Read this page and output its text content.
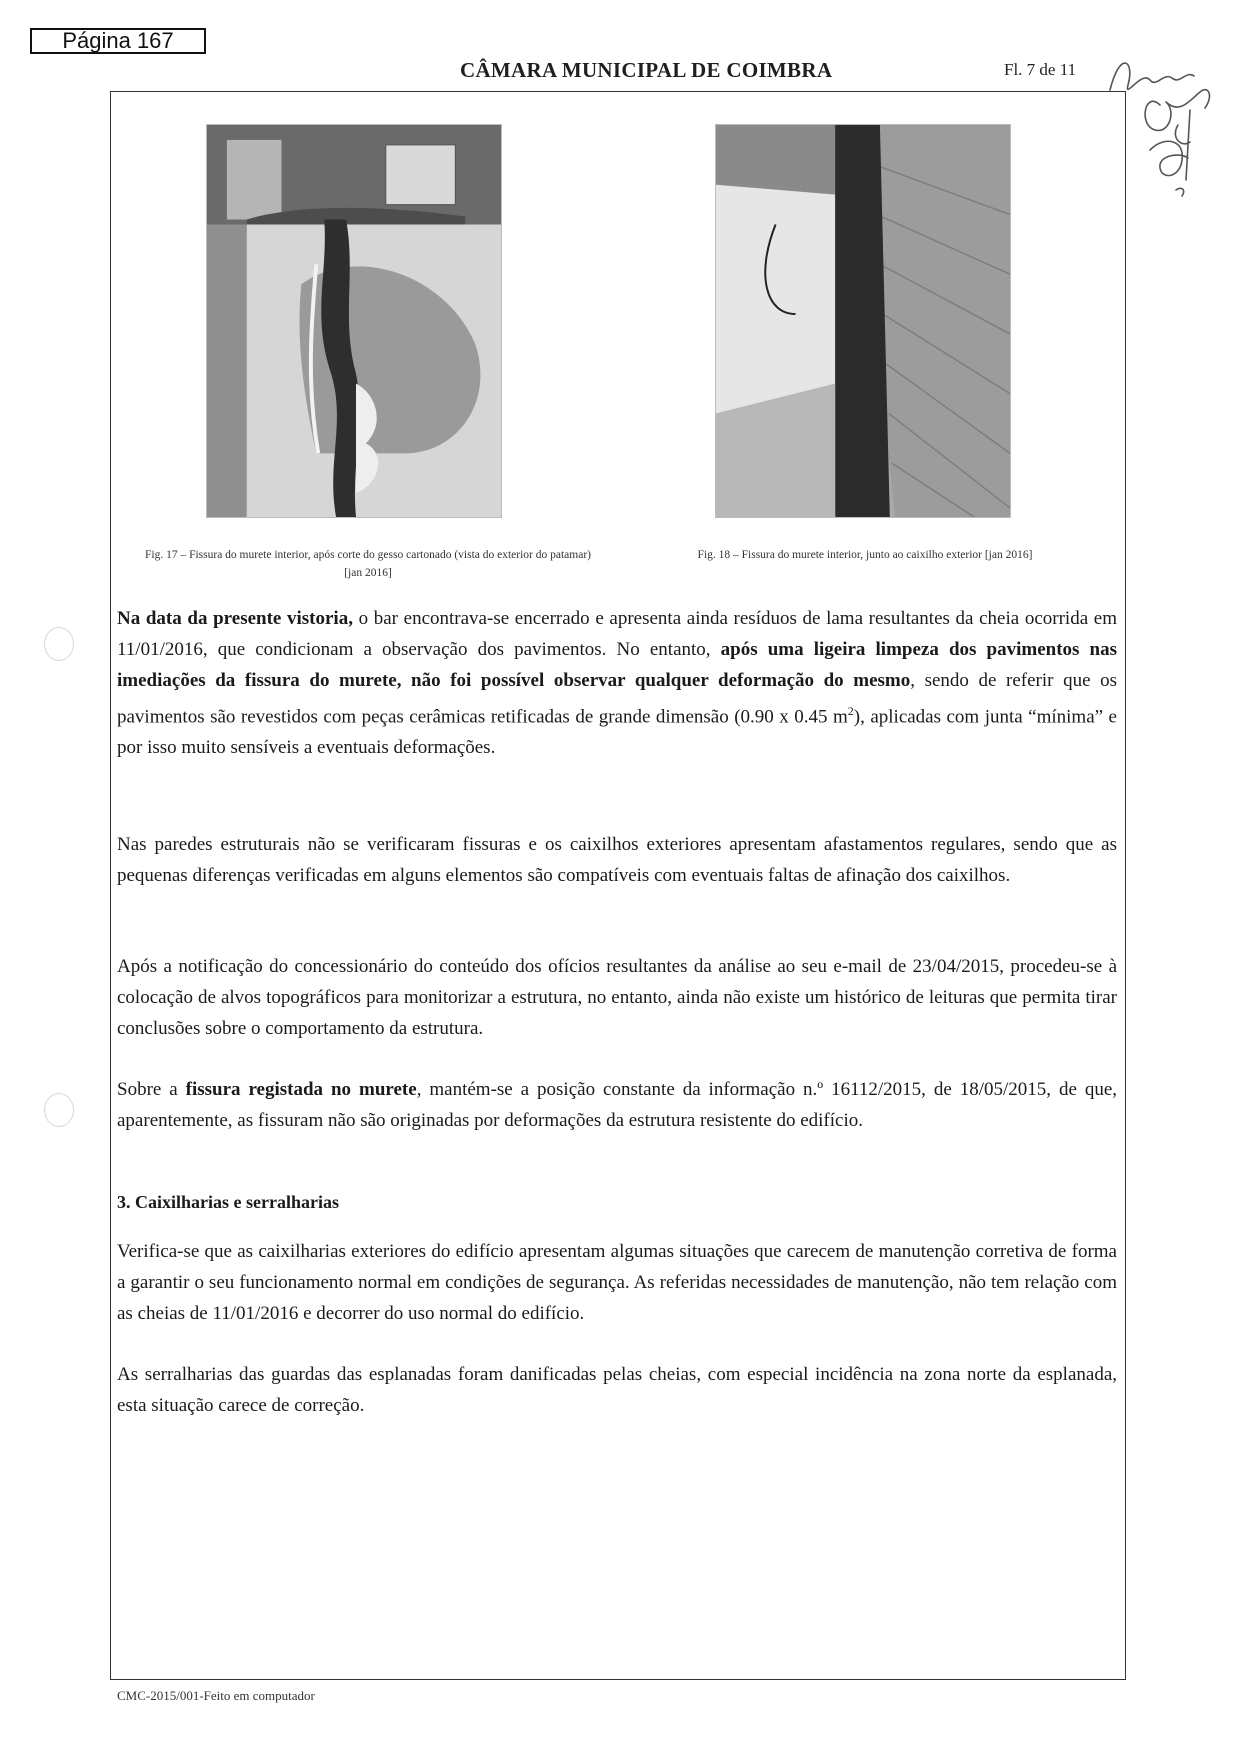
Página 167
CÂMARA MUNICIPAL DE COIMBRA	Fl. 7 de 11
Fig. 17 – Fissura do murete interior, após corte do gesso cartonado (vista do exterior do patamar) [jan 2016]
Fig. 18 – Fissura do murete interior, junto ao caixilho exterior [jan 2016]
Na data da presente vistoria, o bar encontrava-se encerrado e apresenta ainda resíduos de lama resultantes da cheia ocorrida em 11/01/2016, que condicionam a observação dos pavimentos. No entanto, após uma ligeira limpeza dos pavimentos nas imediações da fissura do murete, não foi possível observar qualquer deformação do mesmo, sendo de referir que os pavimentos são revestidos com peças cerâmicas retificadas de grande dimensão (0.90 x 0.45 $m^2$), aplicadas com junta “mínima” e por isso muito sensíveis a eventuais deformações.
Nas paredes estruturais não se verificaram fissuras e os caixilhos exteriores apresentam afastamentos regulares, sendo que as pequenas diferenças verificadas em alguns elementos são compatíveis com eventuais faltas de afinação dos caixilhos.
Após a notificação do concessionário do conteúdo dos ofícios resultantes da análise ao seu e-mail de 23/04/2015, procedeu-se à colocação de alvos topográficos para monitorizar a estrutura, no entanto, ainda não existe um histórico de leituras que permita tirar conclusões sobre o comportamento da estrutura.
Sobre a fissura registada no murete, mantém-se a posição constante da informação n.º 16112/2015, de 18/05/2015, de que, aparentemente, as fissuram não são originadas por deformações da estrutura resistente do edifício.
3. Caixilharias e serralharias
Verifica-se que as caixilharias exteriores do edifício apresentam algumas situações que carecem de manutenção corretiva de forma a garantir o seu funcionamento normal em condições de segurança. As referidas necessidades de manutenção, não tem relação com as cheias de 11/01/2016 e decorrer do uso normal do edifício.
As serralharias das guardas das esplanadas foram danificadas pelas cheias, com especial incidência na zona norte da esplanada, esta situação carece de correção.
CMC-2015/001-Feito em computador
